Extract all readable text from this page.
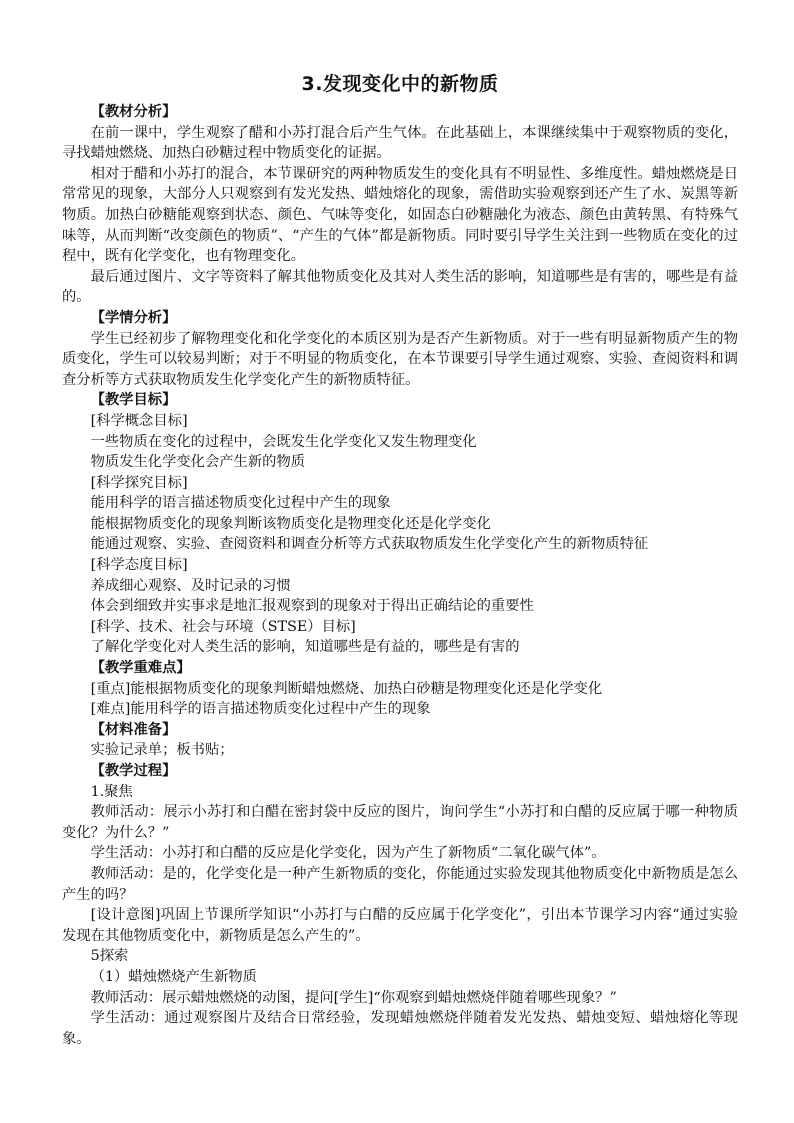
3.发现变化中的新物质

【教材分析】

在前一课中，学生观察了醋和小苏打混合后产生气体。在此基础上，本课继续集中于观察物质的变化，寻找蜡烛燃烧、加热白砂糖过程中物质变化的证据。

相对于醋和小苏打的混合，本节课研究的两种物质发生的变化具有不明显性、多维度性。蜡烛燃烧是日常常见的现象，大部分人只观察到有发光发热、蜡烛熔化的现象，需借助实验观察到还产生了水、炭黑等新物质。加热白砂糖能观察到状态、颜色、气味等变化，如固态白砂糖融化为液态、颜色由黄转黑、有特殊气味等，从而判断“改变颜色的物质”、“产生的气体”都是新物质。同时要引导学生关注到一些物质在变化的过程中，既有化学变化，也有物理变化。

最后通过图片、文字等资料了解其他物质变化及其对人类生活的影响，知道哪些是有害的，哪些是有益的。

【学情分析】

学生已经初步了解物理变化和化学变化的本质区别为是否产生新物质。对于一些有明显新物质产生的物质变化，学生可以较易判断；对于不明显的物质变化，在本节课要引导学生通过观察、实验、查阅资料和调查分析等方式获取物质发生化学变化产生的新物质特征。

【教学目标】

[科学概念目标]

一些物质在变化的过程中，会既发生化学变化又发生物理变化

物质发生化学变化会产生新的物质

[科学探究目标]

能用科学的语言描述物质变化过程中产生的现象

能根据物质变化的现象判断该物质变化是物理变化还是化学变化

能通过观察、实验、查阅资料和调查分析等方式获取物质发生化学变化产生的新物质特征

[科学态度目标]

养成细心观察、及时记录的习惯

体会到细致并实事求是地汇报观察到的现象对于得出正确结论的重要性

[科学、技术、社会与环境（STSE）目标]

了解化学变化对人类生活的影响，知道哪些是有益的，哪些是有害的

【教学重难点】

[重点]能根据物质变化的现象判断蜡烛燃烧、加热白砂糖是物理变化还是化学变化

[难点]能用科学的语言描述物质变化过程中产生的现象

【材料准备】

实验记录单；板书贴；

【教学过程】

1.聚焦

教师活动：展示小苏打和白醋在密封袋中反应的图片，询问学生“小苏打和白醋的反应属于哪一种物质变化？为什么？”

学生活动：小苏打和白醋的反应是化学变化，因为产生了新物质“二氧化碳气体”。

教师活动：是的，化学变化是一种产生新物质的变化，你能通过实验发现其他物质变化中新物质是怎么产生的吗？

[设计意图]巩固上节课所学知识“小苏打与白醋的反应属于化学变化”，引出本节课学习内容“通过实验发现在其他物质变化中，新物质是怎么产生的”。

5探索

（1）蜡烛燃烧产生新物质

教师活动：展示蜡烛燃烧的动图，提问[学生]“你观察到蜡烛燃烧伴随着哪些现象？”

学生活动：通过观察图片及结合日常经验，发现蜡烛燃烧伴随着发光发热、蜡烛变短、蜡烛熔化等现象。
